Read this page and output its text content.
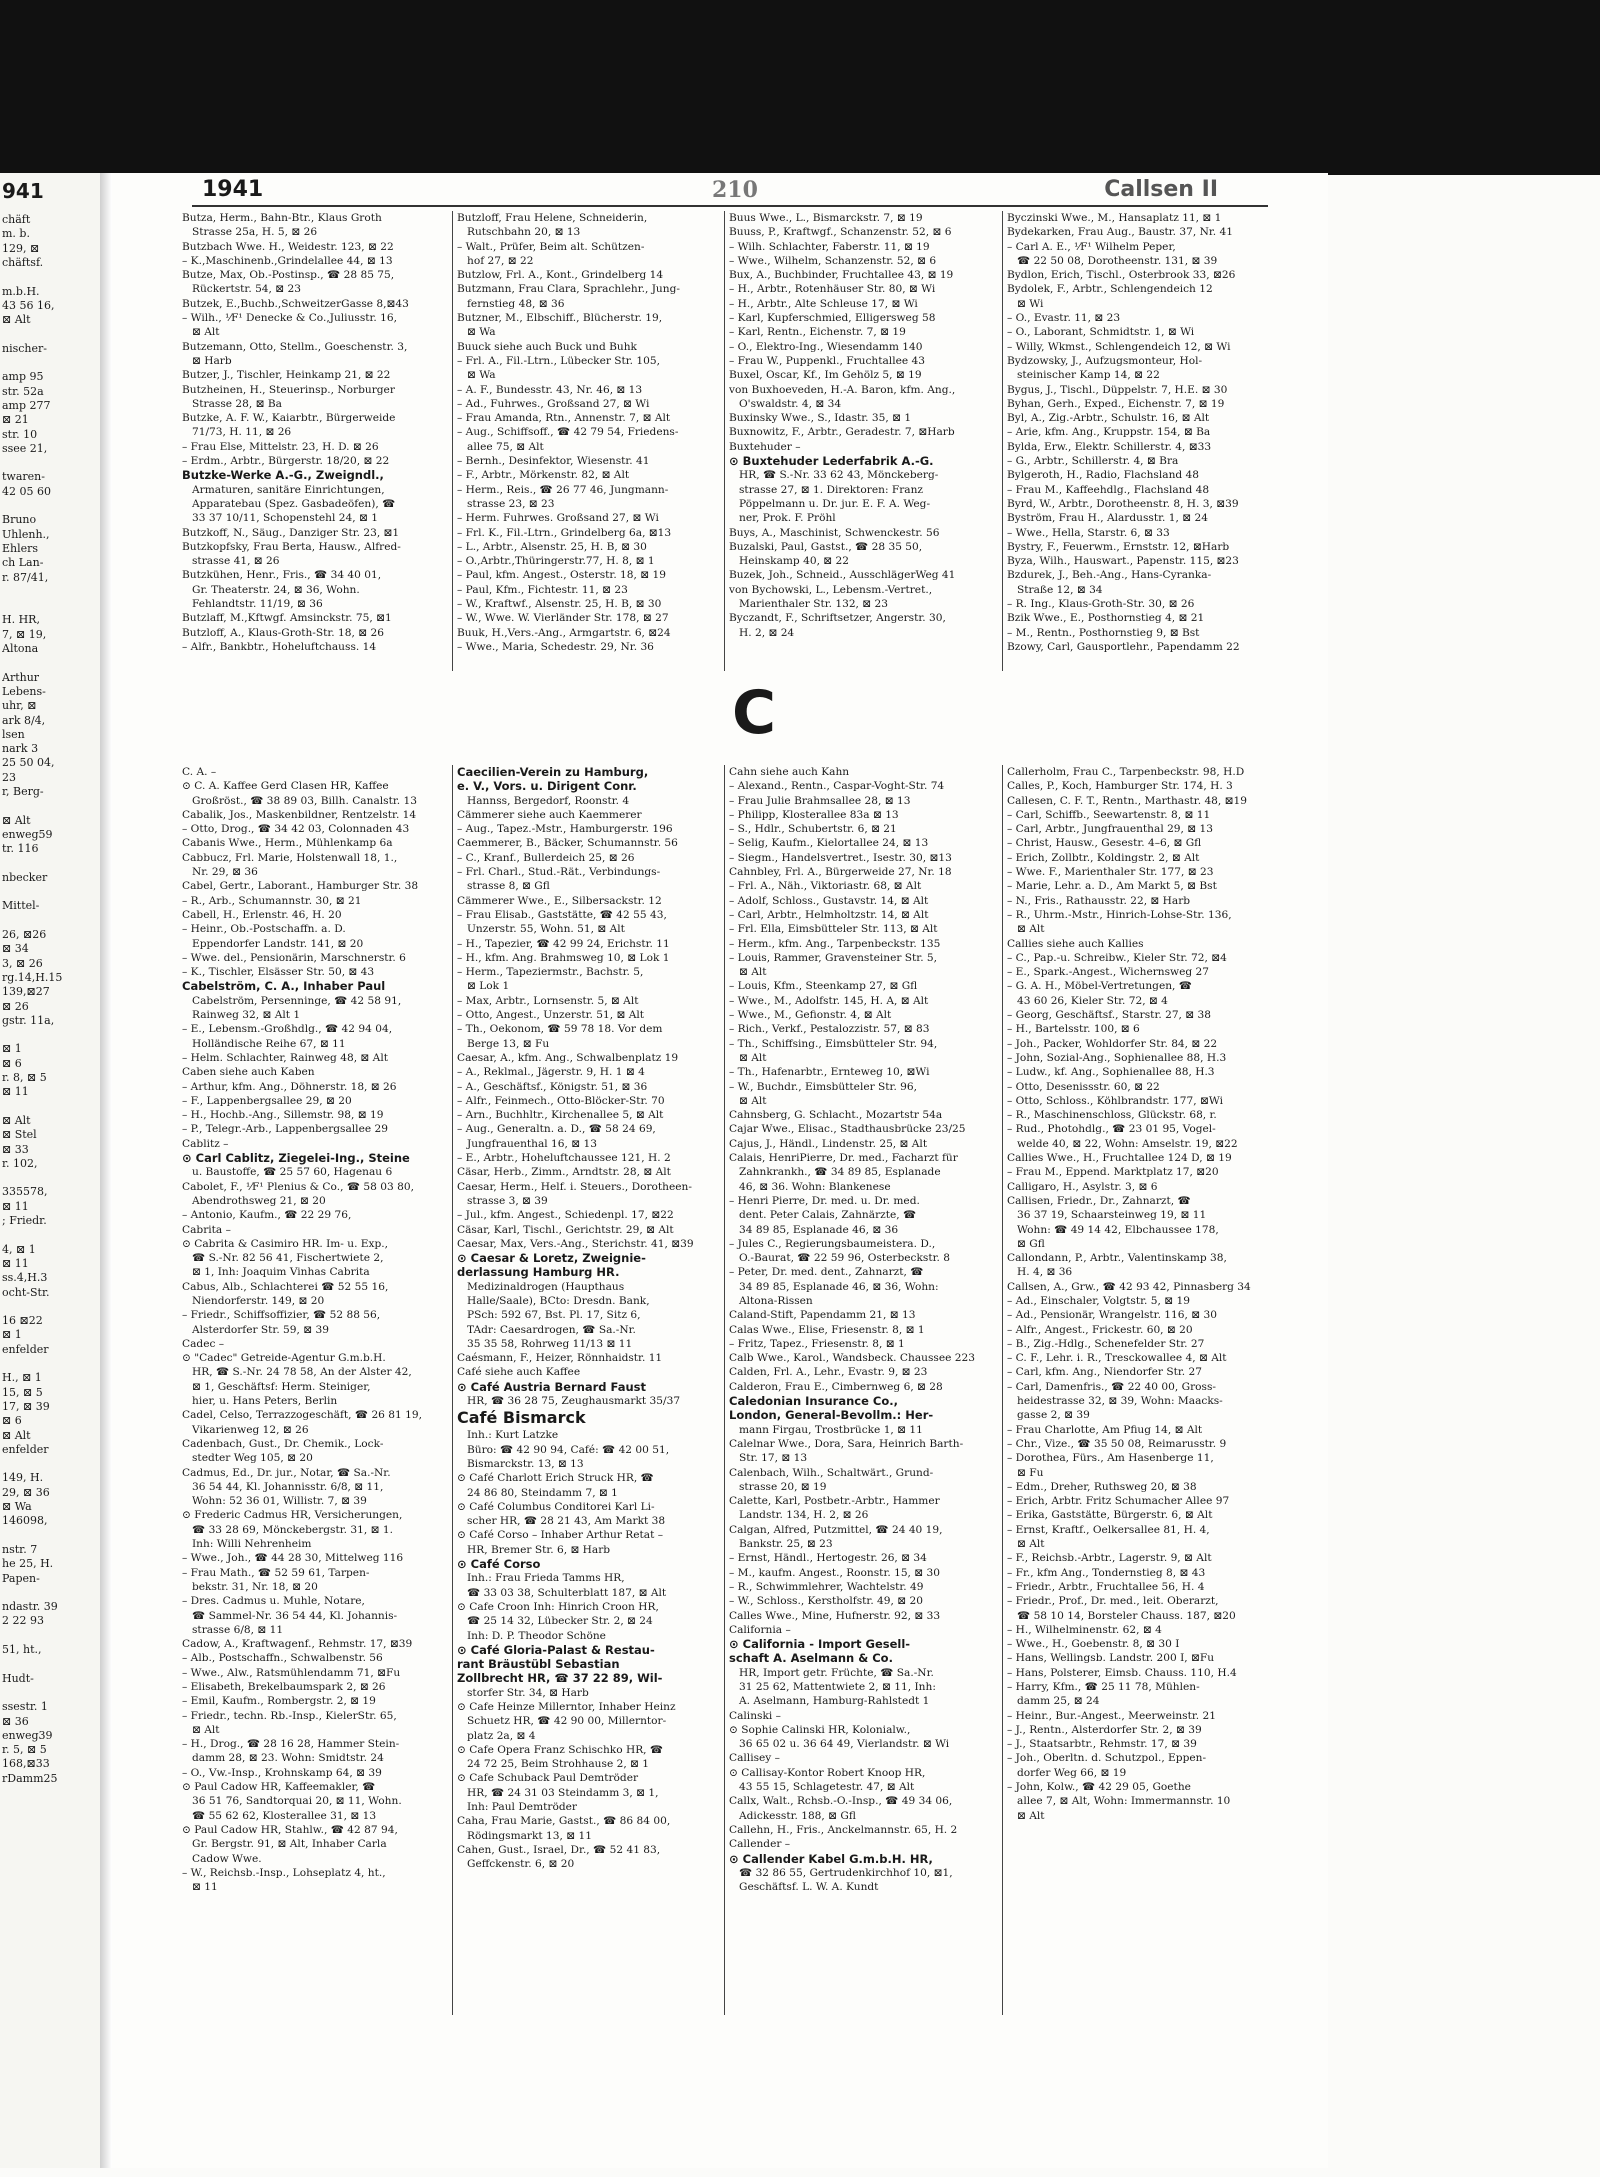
941
chäft
m. b.
129, ⊠
chäftsf.
m.b.H.
43 56 16,
⊠ Alt
nischer-
amp 95
str. 52a
amp 277
⊠ 21
str. 10
ssee 21,
twaren-
42 05 60
Bruno
Uhlenh.,
Ehlers
ch Lan-
r. 87/41,
H. HR,
7, ⊠ 19,
Altona
Arthur
Lebens-
uhr, ⊠
ark 8/4,
lsen
nark 3
25 50 04,
23
r, Berg-
⊠ Alt
enweg59
tr. 116
nbecker
Mittel-
26, ⊠26
⊠ 34
3, ⊠ 26
rg.14,H.15
139,⊠27
⊠ 26
gstr. 11a,
⊠ 1
⊠ 6
r. 8, ⊠ 5
⊠ 11
⊠ Alt
⊠ Stel
⊠ 33
r. 102,
335578,
⊠ 11
; Friedr.
4, ⊠ 1
⊠ 11
ss.4,H.3
ocht-Str.
16 ⊠22
⊠ 1
enfelder
H., ⊠ 1
15, ⊠ 5
17, ⊠ 39
⊠ 6
⊠ Alt
enfelder
149, H.
29, ⊠ 36
⊠ Wa
146098,
nstr. 7
he 25, H.
Papen-
ndastr. 39
2 22 93
51, ht.,
Hudt-
ssestr. 1
⊠ 36
enweg39
r. 5, ⊠ 5
168,⊠33
rDamm25
1941	210	Callsen II
Butza, Herm., Bahn-Btr., Klaus Groth
Strasse 25a, H. 5, ⊠ 26
Butzbach Wwe. H., Weidestr. 123, ⊠ 22
– K.,Maschinenb.,Grindelallee 44, ⊠ 13
Butze, Max, Ob.-Postinsp., ☎ 28 85 75,
Rückertstr. 54, ⊠ 23
Butzek, E.,Buchb.,SchweitzerGasse 8,⊠43
– Wilh., ⅟F¹ Denecke & Co.,Juliusstr. 16,
⊠ Alt
Butzemann, Otto, Stellm., Goeschenstr. 3,
⊠ Harb
Butzer, J., Tischler, Heinkamp 21, ⊠ 22
Butzheinen, H., Steuerinsp., Norburger
Strasse 28, ⊠ Ba
Butzke, A. F. W., Kaiarbtr., Bürgerweide
71/73, H. 11, ⊠ 26
– Frau Else, Mittelstr. 23, H. D. ⊠ 26
– Erdm., Arbtr., Bürgerstr. 18/20, ⊠ 22
Butzke-Werke A.-G., Zweigndl.,
Armaturen, sanitäre Einrichtungen,
Apparatebau (Spez. Gasbadeöfen), ☎
33 37 10/11, Schopenstehl 24, ⊠ 1
Butzkoff, N., Säug., Danziger Str. 23, ⊠1
Butzkopfsky, Frau Berta, Hausw., Alfred-
strasse 41, ⊠ 26
Butzkühen, Henr., Fris., ☎ 34 40 01,
Gr. Theaterstr. 24, ⊠ 36, Wohn.
Fehlandtstr. 11/19, ⊠ 36
Butzlaff, M.,Kftwgf. Amsinckstr. 75, ⊠1
Butzloff, A., Klaus-Groth-Str. 18, ⊠ 26
– Alfr., Bankbtr., Hoheluftchauss. 14
Butzloff, Frau Helene, Schneiderin,
Rutschbahn 20, ⊠ 13
– Walt., Prüfer, Beim alt. Schützen-
hof 27, ⊠ 22
Butzlow, Frl. A., Kont., Grindelberg 14
Butzmann, Frau Clara, Sprachlehr., Jung-
fernstieg 48, ⊠ 36
Butzner, M., Elbschiff., Blücherstr. 19,
⊠ Wa
Buuck siehe auch Buck und Buhk
– Frl. A., Fil.-Ltrn., Lübecker Str. 105,
⊠ Wa
– A. F., Bundesstr. 43, Nr. 46, ⊠ 13
– Ad., Fuhrwes., Großsand 27, ⊠ Wi
– Frau Amanda, Rtn., Annenstr. 7, ⊠ Alt
– Aug., Schiffsoff., ☎ 42 79 54, Friedens-
allee 75, ⊠ Alt
– Bernh., Desinfektor, Wiesenstr. 41
– F., Arbtr., Mörkenstr. 82, ⊠ Alt
– Herm., Reis., ☎ 26 77 46, Jungmann-
strasse 23, ⊠ 23
– Herm. Fuhrwes. Großsand 27, ⊠ Wi
– Frl. K., Fil.-Ltrn., Grindelberg 6a, ⊠13
– L., Arbtr., Alsenstr. 25, H. B, ⊠ 30
– O.,Arbtr.,Thüringerstr.77, H. 8, ⊠ 1
– Paul, kfm. Angest., Osterstr. 18, ⊠ 19
– Paul, Kfm., Fichtestr. 11, ⊠ 23
– W., Kraftwf., Alsenstr. 25, H. B, ⊠ 30
– W., Wwe. W. Vierländer Str. 178, ⊠ 27
Buuk, H.,Vers.-Ang., Armgartstr. 6, ⊠24
– Wwe., Maria, Schedestr. 29, Nr. 36
Buus Wwe., L., Bismarckstr. 7, ⊠ 19
Buuss, P., Kraftwgf., Schanzenstr. 52, ⊠ 6
– Wilh. Schlachter, Faberstr. 11, ⊠ 19
– Wwe., Wilhelm, Schanzenstr. 52, ⊠ 6
Bux, A., Buchbinder, Fruchtallee 43, ⊠ 19
– H., Arbtr., Rotenhäuser Str. 80, ⊠ Wi
– H., Arbtr., Alte Schleuse 17, ⊠ Wi
– Karl, Kupferschmied, Elligersweg 58
– Karl, Rentn., Eichenstr. 7, ⊠ 19
– O., Elektro-Ing., Wiesendamm 140
– Frau W., Puppenkl., Fruchtallee 43
Buxel, Oscar, Kf., Im Gehölz 5, ⊠ 19
von Buxhoeveden, H.-A. Baron, kfm. Ang.,
O'swaldstr. 4, ⊠ 34
Buxinsky Wwe., S., Idastr. 35, ⊠ 1
Buxnowitz, F., Arbtr., Geradestr. 7, ⊠Harb
Buxtehuder –
⊙ Buxtehuder Lederfabrik A.-G.
HR, ☎ S.-Nr. 33 62 43, Mönckeberg-
strasse 27, ⊠ 1. Direktoren: Franz
Pöppelmann u. Dr. jur. E. F. A. Weg-
ner, Prok. F. Pröhl
Buys, A., Maschinist, Schwenckestr. 56
Buzalski, Paul, Gastst., ☎ 28 35 50,
Heinskamp 40, ⊠ 22
Buzek, Joh., Schneid., AusschlägerWeg 41
von Bychowski, L., Lebensm.-Vertret.,
Marienthaler Str. 132, ⊠ 23
Byczandt, F., Schriftsetzer, Angerstr. 30,
H. 2, ⊠ 24
Byczinski Wwe., M., Hansaplatz 11, ⊠ 1
Bydekarken, Frau Aug., Baustr. 37, Nr. 41
– Carl A. E., ⅟F¹ Wilhelm Peper,
☎ 22 50 08, Dorotheenstr. 131, ⊠ 39
Bydlon, Erich, Tischl., Osterbrook 33, ⊠26
Bydolek, F., Arbtr., Schlengendeich 12
⊠ Wi
– O., Evastr. 11, ⊠ 23
– O., Laborant, Schmidtstr. 1, ⊠ Wi
– Willy, Wkmst., Schlengendeich 12, ⊠ Wi
Bydzowsky, J., Aufzugsmonteur, Hol-
steinischer Kamp 14, ⊠ 22
Bygus, J., Tischl., Düppelstr. 7, H.E. ⊠ 30
Byhan, Gerh., Exped., Eichenstr. 7, ⊠ 19
Byl, A., Zig.-Arbtr., Schulstr. 16, ⊠ Alt
– Arie, kfm. Ang., Kruppstr. 154, ⊠ Ba
Bylda, Erw., Elektr. Schillerstr. 4, ⊠33
– G., Arbtr., Schillerstr. 4, ⊠ Bra
Bylgeroth, H., Radio, Flachsland 48
– Frau M., Kaffeehdlg., Flachsland 48
Byrd, W., Arbtr., Dorotheenstr. 8, H. 3, ⊠39
Byström, Frau H., Alardusstr. 1, ⊠ 24
– Wwe., Hella, Starstr. 6, ⊠ 33
Bystry, F., Feuerwm., Ernststr. 12, ⊠Harb
Byza, Wilh., Hauswart., Papenstr. 115, ⊠23
Bzdurek, J., Beh.-Ang., Hans-Cyranka-
Straße 12, ⊠ 34
– R. Ing., Klaus-Groth-Str. 30, ⊠ 26
Bzik Wwe., E., Posthornstieg 4, ⊠ 21
– M., Rentn., Posthornstieg 9, ⊠ Bst
Bzowy, Carl, Gausportlehr., Papendamm 22
C
C. A. –
⊙ C. A. Kaffee Gerd Clasen HR, Kaffee
Großröst., ☎ 38 89 03, Billh. Canalstr. 13
Cabalik, Jos., Maskenbildner, Rentzelstr. 14
– Otto, Drog., ☎ 34 42 03, Colonnaden 43
Cabanis Wwe., Herm., Mühlenkamp 6a
Cabbucz, Frl. Marie, Holstenwall 18, 1.,
Nr. 29, ⊠ 36
Cabel, Gertr., Laborant., Hamburger Str. 38
– R., Arb., Schumannstr. 30, ⊠ 21
Cabell, H., Erlenstr. 46, H. 20
– Heinr., Ob.-Postschaffn. a. D.
Eppendorfer Landstr. 141, ⊠ 20
– Wwe. del., Pensionärin, Marschnerstr. 6
– K., Tischler, Elsässer Str. 50, ⊠ 43
Cabelström, C. A., Inhaber Paul
Cabelström, Persenninge, ☎ 42 58 91,
Rainweg 32, ⊠ Alt 1
– E., Lebensm.-Großhdlg., ☎ 42 94 04,
Holländische Reihe 67, ⊠ 11
– Helm. Schlachter, Rainweg 48, ⊠ Alt
Caben siehe auch Kaben
– Arthur, kfm. Ang., Döhnerstr. 18, ⊠ 26
– F., Lappenbergsallee 29, ⊠ 20
– H., Hochb.-Ang., Sillemstr. 98, ⊠ 19
– P., Telegr.-Arb., Lappenbergsallee 29
Cablitz –
⊙ Carl Cablitz, Ziegelei-Ing., Steine
u. Baustoffe, ☎ 25 57 60, Hagenau 6
Cabolet, F., ⅟F¹ Plenius & Co., ☎ 58 03 80,
Abendrothsweg 21, ⊠ 20
– Antonio, Kaufm., ☎ 22 29 76,
Cabrita –
⊙ Cabrita & Casimiro HR. Im- u. Exp.,
☎ S.-Nr. 82 56 41, Fischertwiete 2,
⊠ 1, Inh: Joaquim Vinhas Cabrita
Cabus, Alb., Schlachterei ☎ 52 55 16,
Niendorferstr. 149, ⊠ 20
– Friedr., Schiffsoffizier, ☎ 52 88 56,
Alsterdorfer Str. 59, ⊠ 39
Cadec –
⊙ "Cadec" Getreide-Agentur G.m.b.H.
HR, ☎ S.-Nr. 24 78 58, An der Alster 42,
⊠ 1, Geschäftsf: Herm. Steiniger,
hier, u. Hans Peters, Berlin
Cadel, Celso, Terrazzogeschäft, ☎ 26 81 19,
Vikarienweg 12, ⊠ 26
Cadenbach, Gust., Dr. Chemik., Lock-
stedter Weg 105, ⊠ 20
Cadmus, Ed., Dr. jur., Notar, ☎ Sa.-Nr.
36 54 44, Kl. Johannisstr. 6/8, ⊠ 11,
Wohn: 52 36 01, Willistr. 7, ⊠ 39
⊙ Frederic Cadmus HR, Versicherungen,
☎ 33 28 69, Mönckebergstr. 31, ⊠ 1.
Inh: Willi Nehrenheim
– Wwe., Joh., ☎ 44 28 30, Mittelweg 116
– Frau Math., ☎ 52 59 61, Tarpen-
bekstr. 31, Nr. 18, ⊠ 20
– Dres. Cadmus u. Muhle, Notare,
☎ Sammel-Nr. 36 54 44, Kl. Johannis-
strasse 6/8, ⊠ 11
Cadow, A., Kraftwagenf., Rehmstr. 17, ⊠39
– Alb., Postschaffn., Schwalbenstr. 56
– Wwe., Alw., Ratsmühlendamm 71, ⊠Fu
– Elisabeth, Brekelbaumspark 2, ⊠ 26
– Emil, Kaufm., Rombergstr. 2, ⊠ 19
– Friedr., techn. Rb.-Insp., KielerStr. 65,
⊠ Alt
– H., Drog., ☎ 28 16 28, Hammer Stein-
damm 28, ⊠ 23. Wohn: Smidtstr. 24
– O., Vw.-Insp., Krohnskamp 64, ⊠ 39
⊙ Paul Cadow HR, Kaffeemakler, ☎
36 51 76, Sandtorquai 20, ⊠ 11, Wohn.
☎ 55 62 62, Klosterallee 31, ⊠ 13
⊙ Paul Cadow HR, Stahlw., ☎ 42 87 94,
Gr. Bergstr. 91, ⊠ Alt, Inhaber Carla
Cadow Wwe.
– W., Reichsb.-Insp., Lohseplatz 4, ht.,
⊠ 11
Caecilien-Verein zu Hamburg,
e. V., Vors. u. Dirigent Conr.
Hannss, Bergedorf, Roonstr. 4
Cämmerer siehe auch Kaemmerer
– Aug., Tapez.-Mstr., Hamburgerstr. 196
Caemmerer, B., Bäcker, Schumannstr. 56
– C., Kranf., Bullerdeich 25, ⊠ 26
– Frl. Charl., Stud.-Rät., Verbindungs-
strasse 8, ⊠ Gfl
Cämmerer Wwe., E., Silbersackstr. 12
– Frau Elisab., Gaststätte, ☎ 42 55 43,
Unzerstr. 55, Wohn. 51, ⊠ Alt
– H., Tapezier, ☎ 42 99 24, Erichstr. 11
– H., kfm. Ang. Brahmsweg 10, ⊠ Lok 1
– Herm., Tapeziermstr., Bachstr. 5,
⊠ Lok 1
– Max, Arbtr., Lornsenstr. 5, ⊠ Alt
– Otto, Angest., Unzerstr. 51, ⊠ Alt
– Th., Oekonom, ☎ 59 78 18. Vor dem
Berge 13, ⊠ Fu
Caesar, A., kfm. Ang., Schwalbenplatz 19
– A., Reklmal., Jägerstr. 9, H. 1 ⊠ 4
– A., Geschäftsf., Königstr. 51, ⊠ 36
– Alfr., Feinmech., Otto-Blöcker-Str. 70
– Arn., Buchhltr., Kirchenallee 5, ⊠ Alt
– Aug., Generaltn. a. D., ☎ 58 24 69,
Jungfrauenthal 16, ⊠ 13
– E., Arbtr., Hoheluftchaussee 121, H. 2
Cäsar, Herb., Zimm., Arndtstr. 28, ⊠ Alt
Caesar, Herm., Helf. i. Steuers., Dorotheen-
strasse 3, ⊠ 39
– Jul., kfm. Angest., Schiedenpl. 17, ⊠22
Cäsar, Karl, Tischl., Gerichtstr. 29, ⊠ Alt
Caesar, Max, Vers.-Ang., Sterichstr. 41, ⊠39
⊙ Caesar & Loretz, Zweignie-
derlassung Hamburg HR.
Medizinaldrogen (Haupthaus
Halle/Saale), BCto: Dresdn. Bank,
PSch: 592 67, Bst. Pl. 17, Sitz 6,
TAdr: Caesardrogen, ☎ Sa.-Nr.
35 35 58, Rohrweg 11/13 ⊠ 11
Caésmann, F., Heizer, Rönnhaidstr. 11
Café siehe auch Kaffee
⊙ Café Austria Bernard Faust
HR, ☎ 36 28 75, Zeughausmarkt 35/37
Café Bismarck
Inh.: Kurt Latzke
Büro: ☎ 42 90 94, Café: ☎ 42 00 51,
Bismarckstr. 13, ⊠ 13
⊙ Café Charlott Erich Struck HR, ☎
24 86 80, Steindamm 7, ⊠ 1
⊙ Café Columbus Conditorei Karl Li-
scher HR, ☎ 28 21 43, Am Markt 38
⊙ Café Corso – Inhaber Arthur Retat –
HR, Bremer Str. 6, ⊠ Harb
⊙ Café Corso
Inh.: Frau Frieda Tamms HR,
☎ 33 03 38, Schulterblatt 187, ⊠ Alt
⊙ Cafe Croon Inh: Hinrich Croon HR,
☎ 25 14 32, Lübecker Str. 2, ⊠ 24
Inh: D. P. Theodor Schöne
⊙ Café Gloria-Palast & Restau-
rant Bräustübl Sebastian
Zollbrecht HR, ☎ 37 22 89, Wil-
storfer Str. 34, ⊠ Harb
⊙ Cafe Heinze Millerntor, Inhaber Heinz
Schuetz HR, ☎ 42 90 00, Millerntor-
platz 2a, ⊠ 4
⊙ Cafe Opera Franz Schischko HR, ☎
24 72 25, Beim Strohhause 2, ⊠ 1
⊙ Cafe Schuback Paul Demtröder
HR, ☎ 24 31 03 Steindamm 3, ⊠ 1,
Inh: Paul Demtröder
Caha, Frau Marie, Gastst., ☎ 86 84 00,
Rödingsmarkt 13, ⊠ 11
Cahen, Gust., Israel, Dr., ☎ 52 41 83,
Geffckenstr. 6, ⊠ 20
Cahn siehe auch Kahn
– Alexand., Rentn., Caspar-Voght-Str. 74
– Frau Julie Brahmsallee 28, ⊠ 13
– Philipp, Klosterallee 83a ⊠ 13
– S., Hdlr., Schubertstr. 6, ⊠ 21
– Selig, Kaufm., Kielortallee 24, ⊠ 13
– Siegm., Handelsvertret., Isestr. 30, ⊠13
Cahnbley, Frl. A., Bürgerweide 27, Nr. 18
– Frl. A., Näh., Viktoriastr. 68, ⊠ Alt
– Adolf, Schloss., Gustavstr. 14, ⊠ Alt
– Carl, Arbtr., Helmholtzstr. 14, ⊠ Alt
– Frl. Ella, Eimsbütteler Str. 113, ⊠ Alt
– Herm., kfm. Ang., Tarpenbeckstr. 135
– Louis, Rammer, Gravensteiner Str. 5,
⊠ Alt
– Louis, Kfm., Steenkamp 27, ⊠ Gfl
– Wwe., M., Adolfstr. 145, H. A, ⊠ Alt
– Wwe., M., Gefionstr. 4, ⊠ Alt
– Rich., Verkf., Pestalozzistr. 57, ⊠ 83
– Th., Schiffsing., Eimsbütteler Str. 94,
⊠ Alt
– Th., Hafenarbtr., Ernteweg 10, ⊠Wi
– W., Buchdr., Eimsbütteler Str. 96,
⊠ Alt
Cahnsberg, G. Schlacht., Mozartstr 54a
Cajar Wwe., Elisac., Stadthausbrücke 23/25
Cajus, J., Händl., Lindenstr. 25, ⊠ Alt
Calais, HenriPierre, Dr. med., Facharzt für
Zahnkrankh., ☎ 34 89 85, Esplanade
46, ⊠ 36. Wohn: Blankenese
– Henri Pierre, Dr. med. u. Dr. med.
dent. Peter Calais, Zahnärzte, ☎
34 89 85, Esplanade 46, ⊠ 36
– Jules C., Regierungsbaumeistera. D.,
O.-Baurat, ☎ 22 59 96, Osterbeckstr. 8
– Peter, Dr. med. dent., Zahnarzt, ☎
34 89 85, Esplanade 46, ⊠ 36, Wohn:
Altona-Rissen
Caland-Stift, Papendamm 21, ⊠ 13
Calas Wwe., Elise, Friesenstr. 8, ⊠ 1
– Fritz, Tapez., Friesenstr. 8, ⊠ 1
Calb Wwe., Karol., Wandsbeck. Chaussee 223
Calden, Frl. A., Lehr., Evastr. 9, ⊠ 23
Calderon, Frau E., Cimbernweg 6, ⊠ 28
Caledonian Insurance Co.,
London, General-Bevollm.: Her-
mann Firgau, Trostbrücke 1, ⊠ 11
Calelnar Wwe., Dora, Sara, Heinrich Barth-
Str. 17, ⊠ 13
Calenbach, Wilh., Schaltwärt., Grund-
strasse 20, ⊠ 19
Calette, Karl, Postbetr.-Arbtr., Hammer
Landstr. 134, H. 2, ⊠ 26
Calgan, Alfred, Putzmittel, ☎ 24 40 19,
Bankstr. 25, ⊠ 23
– Ernst, Händl., Hertogestr. 26, ⊠ 34
– M., kaufm. Angest., Roonstr. 15, ⊠ 30
– R., Schwimmlehrer, Wachtelstr. 49
– W., Schloss., Kerstholfstr. 49, ⊠ 20
Calles Wwe., Mine, Hufnerstr. 92, ⊠ 33
California –
⊙ California - Import Gesell-
schaft A. Aselmann & Co.
HR, Import getr. Früchte, ☎ Sa.-Nr.
31 25 62, Mattentwiete 2, ⊠ 11, Inh:
A. Aselmann, Hamburg-Rahlstedt 1
Calinski –
⊙ Sophie Calinski HR, Kolonialw.,
36 65 02 u. 36 64 49, Vierlandstr. ⊠ Wi
Callisey –
⊙ Callisay-Kontor Robert Knoop HR,
43 55 15, Schlagetestr. 47, ⊠ Alt
Callx, Walt., Rchsb.-O.-Insp., ☎ 49 34 06,
Adickesstr. 188, ⊠ Gfl
Callehn, H., Fris., Anckelmannstr. 65, H. 2
Callender –
⊙ Callender Kabel G.m.b.H. HR,
☎ 32 86 55, Gertrudenkirchhof 10, ⊠1,
Geschäftsf. L. W. A. Kundt
Callerholm, Frau C., Tarpenbeckstr. 98, H.D
Calles, P., Koch, Hamburger Str. 174, H. 3
Callesen, C. F. T., Rentn., Marthastr. 48, ⊠19
– Carl, Schiffb., Seewartenstr. 8, ⊠ 11
– Carl, Arbtr., Jungfrauenthal 29, ⊠ 13
– Christ, Hausw., Gesestr. 4–6, ⊠ Gfl
– Erich, Zollbtr., Koldingstr. 2, ⊠ Alt
– Wwe. F., Marienthaler Str. 177, ⊠ 23
– Marie, Lehr. a. D., Am Markt 5, ⊠ Bst
– N., Fris., Rathausstr. 22, ⊠ Harb
– R., Uhrm.-Mstr., Hinrich-Lohse-Str. 136,
⊠ Alt
Callies siehe auch Kallies
– C., Pap.-u. Schreibw., Kieler Str. 72, ⊠4
– E., Spark.-Angest., Wichernsweg 27
– G. A. H., Möbel-Vertretungen, ☎
43 60 26, Kieler Str. 72, ⊠ 4
– Georg, Geschäftsf., Starstr. 27, ⊠ 38
– H., Bartelsstr. 100, ⊠ 6
– Joh., Packer, Wohldorfer Str. 84, ⊠ 22
– John, Sozial-Ang., Sophienallee 88, H.3
– Ludw., kf. Ang., Sophienallee 88, H.3
– Otto, Desenissstr. 60, ⊠ 22
– Otto, Schloss., Köhlbrandstr. 177, ⊠Wi
– R., Maschinenschloss, Glückstr. 68, r.
– Rud., Photohdlg., ☎ 23 01 95, Vogel-
welde 40, ⊠ 22, Wohn: Amselstr. 19, ⊠22
Callies Wwe., H., Fruchtallee 124 D, ⊠ 19
– Frau M., Eppend. Marktplatz 17, ⊠20
Calligaro, H., Asylstr. 3, ⊠ 6
Callisen, Friedr., Dr., Zahnarzt, ☎
36 37 19, Schaarsteinweg 19, ⊠ 11
Wohn: ☎ 49 14 42, Elbchaussee 178,
⊠ Gfl
Callondann, P., Arbtr., Valentinskamp 38,
H. 4, ⊠ 36
Callsen, A., Grw., ☎ 42 93 42, Pinnasberg 34
– Ad., Einschaler, Volgtstr. 5, ⊠ 19
– Ad., Pensionär, Wrangelstr. 116, ⊠ 30
– Alfr., Angest., Frickestr. 60, ⊠ 20
– B., Zig.-Hdlg., Schenefelder Str. 27
– C. F., Lehr. i. R., Tresckowallee 4, ⊠ Alt
– Carl, kfm. Ang., Niendorfer Str. 27
– Carl, Damenfris., ☎ 22 40 00, Gross-
heidestrasse 32, ⊠ 39, Wohn: Maacks-
gasse 2, ⊠ 39
– Frau Charlotte, Am Pfiug 14, ⊠ Alt
– Chr., Vize., ☎ 35 50 08, Reimarusstr. 9
– Dorothea, Fürs., Am Hasenberge 11,
⊠ Fu
– Edm., Dreher, Ruthsweg 20, ⊠ 38
– Erich, Arbtr. Fritz Schumacher Allee 97
– Erika, Gaststätte, Bürgerstr. 6, ⊠ Alt
– Ernst, Kraftf., Oelkersallee 81, H. 4,
⊠ Alt
– F., Reichsb.-Arbtr., Lagerstr. 9, ⊠ Alt
– Fr., kfm Ang., Tondernstieg 8, ⊠ 43
– Friedr., Arbtr., Fruchtallee 56, H. 4
– Friedr., Prof., Dr. med., leit. Oberarzt,
☎ 58 10 14, Borsteler Chauss. 187, ⊠20
– H., Wilhelminenstr. 62, ⊠ 4
– Wwe., H., Goebenstr. 8, ⊠ 30 I
– Hans, Wellingsb. Landstr. 200 I, ⊠Fu
– Hans, Polsterer, Eimsb. Chauss. 110, H.4
– Harry, Kfm., ☎ 25 11 78, Mühlen-
damm 25, ⊠ 24
– Heinr., Bur.-Angest., Meerweinstr. 21
– J., Rentn., Alsterdorfer Str. 2, ⊠ 39
– J., Staatsarbtr., Rehmstr. 17, ⊠ 39
– Joh., Oberltn. d. Schutzpol., Eppen-
dorfer Weg 66, ⊠ 19
– John, Kolw., ☎ 42 29 05, Goethe
allee 7, ⊠ Alt, Wohn: Immermannstr. 10
⊠ Alt
